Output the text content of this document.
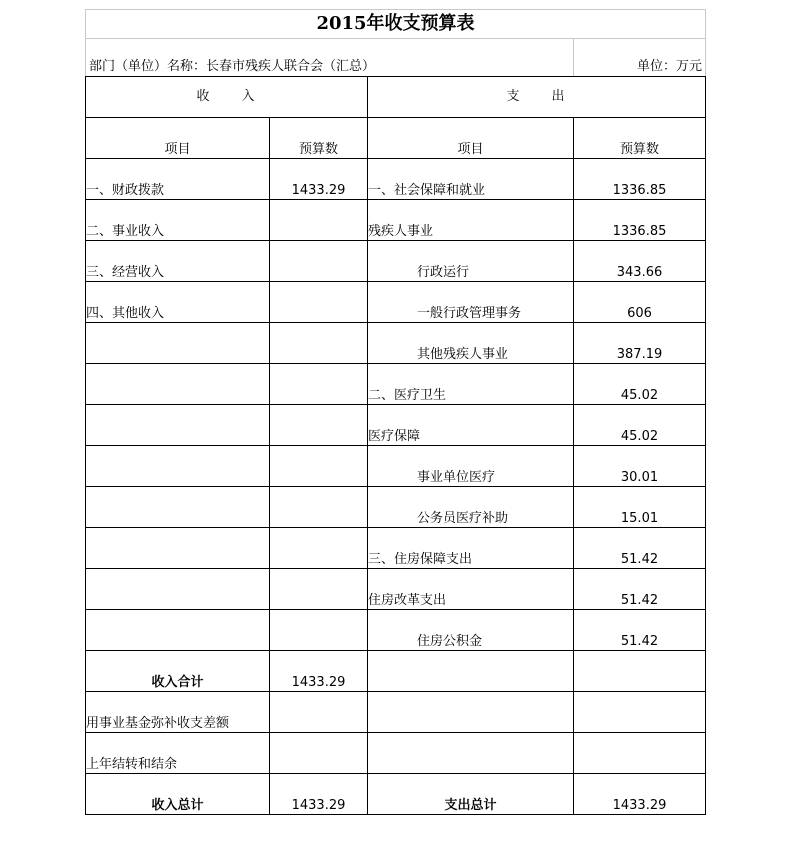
2015年收支预算表
部门（单位）名称：长春市残疾人联合会（汇总）	单位：万元
收　　入		支　　出	
项目	预算数	项目	预算数
一、财政拨款	1433.29	一、社会保障和就业	1336.85
二、事业收入		残疾人事业	1336.85
三、经营收入		行政运行	343.66
四、其他收入		一般行政管理事务	606
		其他残疾人事业	387.19
		二、医疗卫生	45.02
		医疗保障	45.02
		事业单位医疗	30.01
		公务员医疗补助	15.01
		三、住房保障支出	51.42
		住房改革支出	51.42
		住房公积金	51.42
收入合计	1433.29		
用事业基金弥补收支差额			
上年结转和结余			
收入总计	1433.29	支出总计	1433.29
